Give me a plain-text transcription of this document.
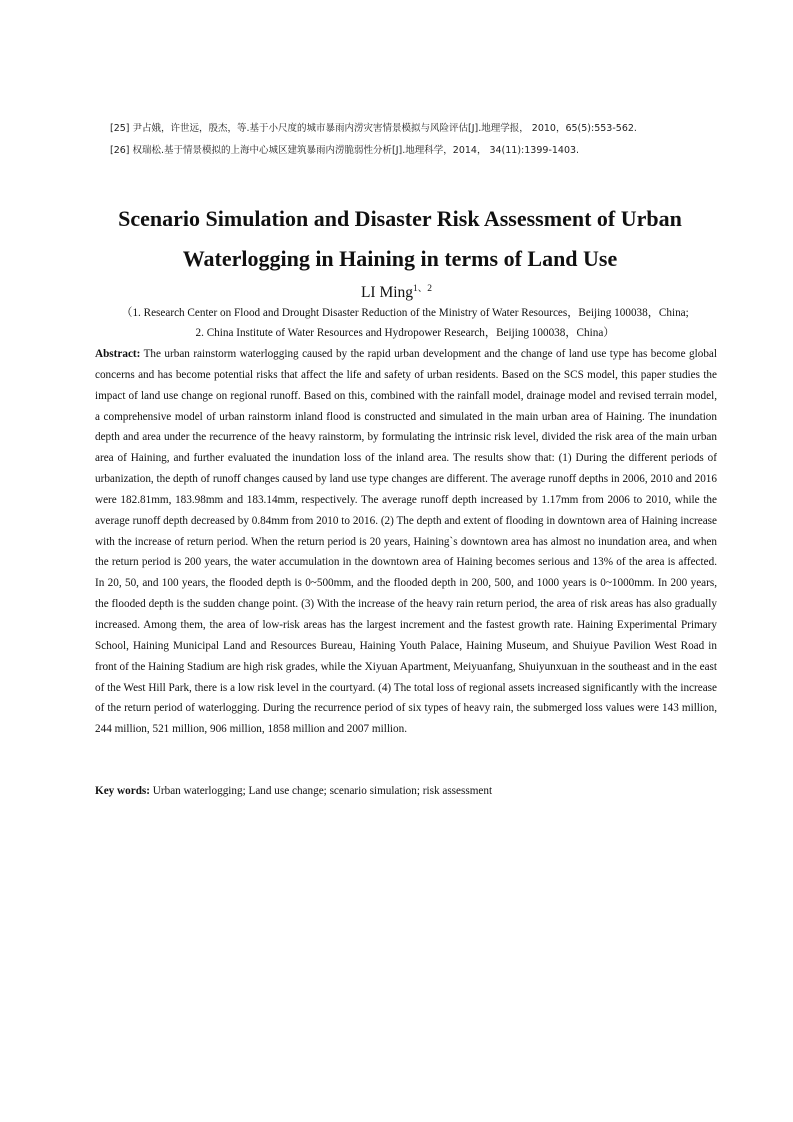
[25] 尹占娥，许世远，殷杰，等.基于小尺度的城市暴雨内涝灾害情景模拟与风险评估[J].地理学报， 2010，65(5):553-562.
[26] 权瑞松.基于情景模拟的上海中心城区建筑暴雨内涝脆弱性分析[J].地理科学，2014， 34(11):1399-1403.
Scenario Simulation and Disaster Risk Assessment of Urban
Waterlogging in Haining in terms of Land Use
LI Ming$^{1、2}$
（1. Research Center on Flood and Drought Disaster Reduction of the Ministry of Water Resources，Beijing 100038，China;
2. China Institute of Water Resources and Hydropower Research，Beijing 100038，China）
Abstract: The urban rainstorm waterlogging caused by the rapid urban development and the change of land use type has become global concerns and has become potential risks that affect the life and safety of urban residents. Based on the SCS model, this paper studies the impact of land use change on regional runoff. Based on this, combined with the rainfall model, drainage model and revised terrain model, a comprehensive model of urban rainstorm inland flood is constructed and simulated in the main urban area of Haining. The inundation depth and area under the recurrence of the heavy rainstorm, by formulating the intrinsic risk level, divided the risk area of the main urban area of Haining, and further evaluated the inundation loss of the inland area. The results show that: (1) During the different periods of urbanization, the depth of runoff changes caused by land use type changes are different. The average runoff depths in 2006, 2010 and 2016 were 182.81mm, 183.98mm and 183.14mm, respectively. The average runoff depth increased by 1.17mm from 2006 to 2010, while the average runoff depth decreased by 0.84mm from 2010 to 2016. (2) The depth and extent of flooding in downtown area of Haining increase with the increase of return period. When the return period is 20 years, Haining`s downtown area has almost no inundation area, and when the return period is 200 years, the water accumulation in the downtown area of Haining becomes serious and 13% of the area is affected. In 20, 50, and 100 years, the flooded depth is 0~500mm, and the flooded depth in 200, 500, and 1000 years is 0~1000mm. In 200 years, the flooded depth is the sudden change point. (3) With the increase of the heavy rain return period, the area of risk areas has also gradually increased. Among them, the area of low-risk areas has the largest increment and the fastest growth rate. Haining Experimental Primary School, Haining Municipal Land and Resources Bureau, Haining Youth Palace, Haining Museum, and Shuiyue Pavilion West Road in front of the Haining Stadium are high risk grades, while the Xiyuan Apartment, Meiyuanfang, Shuiyunxuan in the southeast and in the east of the West Hill Park, there is a low risk level in the courtyard. (4) The total loss of regional assets increased significantly with the increase of the return period of waterlogging. During the recurrence period of six types of heavy rain, the submerged loss values were 143 million, 244 million, 521 million, 906 million, 1858 million and 2007 million.
Key words: Urban waterlogging; Land use change; scenario simulation; risk assessment
